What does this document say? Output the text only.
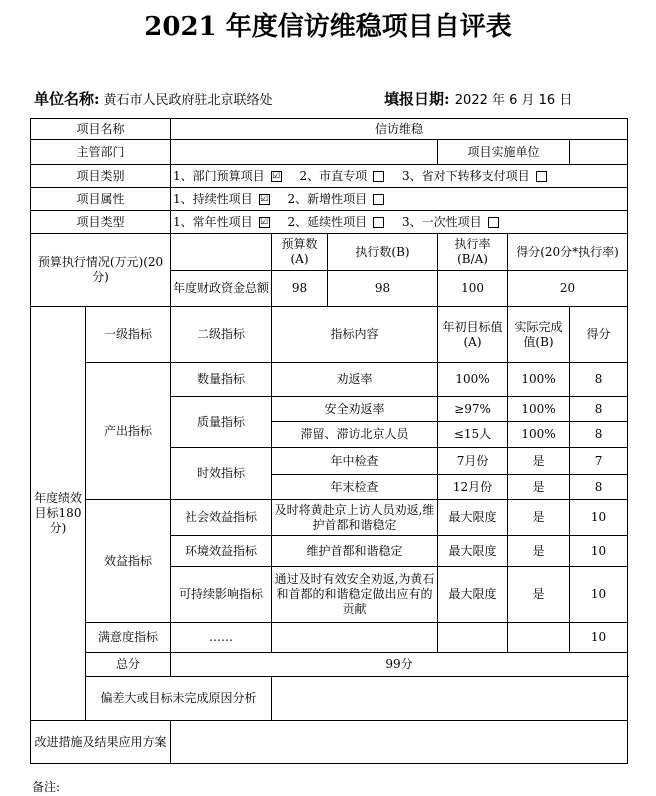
2021 年度信访维稳项目自评表
单位名称: 黄石市人民政府驻北京联络处	填报日期: 2022 年 6 月 16 日
项目名称		信访维稳					
主管部门					项目实施单位		
项目类别		1、部门预算项目 ☑ 2、市直专项 3、省对下转移支付项目					
项目属性		1、持续性项目 ☑ 2、新增性项目					
项目类型		1、常年性项目 ☑ 2、延续性项目 3、一次性项目					
预算执行情况(万元)(20分)			预算数(A)	执行数(B)	执行率(B/A)	得分(20分*执行率)	
		年度财政资金总额	98	98	100	20	
年度绩效目标180分)	一级指标	二级指标	指标内容		年初目标值(A)	实际完成值(B)	得分
	产出指标	数量指标	劝返率		100%	100%	8
		质量指标	安全劝返率		≥97%	100%	8
			滞留、滞访北京人员		≤15人	100%	8
		时效指标	年中检查		7月份	是	7
			年末检查		12月份	是	8
	效益指标	社会效益指标	及时将黄赴京上访人员劝返,维护首都和谐稳定		最大限度	是	10
		环境效益指标	维护首都和谐稳定		最大限度	是	10
		可持续影响指标	通过及时有效安全劝返,为黄石和首都的和谐稳定做出应有的贡献		最大限度	是	10
	满意度指标	……					10
	总分	99分					
	偏差大或目标未完成原因分析						
改进措施及结果应用方案							
备注:
